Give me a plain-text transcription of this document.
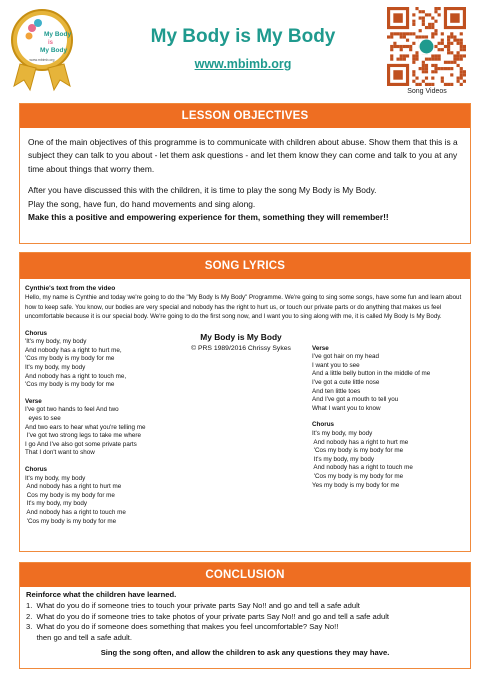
My Body
is
My Body
www.mbimb.org
My Body is My Body
www.mbimb.org
Song Videos
LESSON OBJECTIVES

One of the main objectives of this programme is to communicate with children about abuse. Show them that this is a subject they can talk to you about - let them ask questions - and let them know they can come and talk to you at any time about things that worry them.

After you have discussed this with the children, it is time to play the song My Body is My Body.

Play the song, have fun, do hand movements and sing along.

Make this a positive and empowering experience for them, something they will remember!!

SONG LYRICS
Cynthie's text from the video
Hello, my name is Cynthie and today we're going to do the "My Body Is My Body" Programme. We're going to sing some songs, have some fun and learn about how to keep safe. You know, our bodies are very special and nobody has the right to hurt us, or touch our private parts or do anything that makes us feel uncomfortable because it is our special body. We're going to do the first song now, and I want you to sing along with me, it is called My Body Is My Body.
Chorus
'It's my body, my body
And nobody has a right to hurt me,
'Cos my body is my body for me
It's my body, my body
And nobody has a right to touch me,
'Cos my body is my body for me
Verse
I've got two hands to feel And two
eyes to see
And two ears to hear what you're telling me
I've got two strong legs to take me where
I go And I've also got some private parts
That I don't want to show
Chorus
It's my body, my body
And nobody has a right to hurt me
Cos my body is my body for me
It's my body, my body
And nobody has a right to touch me
'Cos my body is my body for me
My Body is My Body
© PRS 1989/2016 Chrissy Sykes	Verse
I've got hair on my head
I want you to see
And a little belly button in the middle of me
I've got a cute little nose
And ten little toes
And I've got a mouth to tell you
What I want you to know
Chorus
It's my body, my body
And nobody has a right to hurt me
'Cos my body is my body for me
It's my body, my body
And nobody has a right to touch me
'Cos my body is my body for me
Yes my body is my body for me
CONCLUSION
Reinforce what the children have learned.
1.  What do you do if someone tries to touch your private parts Say No!! and go and tell a safe adult
2.  What do you do if someone tries to take photos of your private parts Say No!! and go and tell a safe adult
3.  What do you do if someone does something that makes you feel uncomfortable? Say No!!
then go and tell a safe adult.
Sing the song often, and allow the children to ask any questions they may have.
